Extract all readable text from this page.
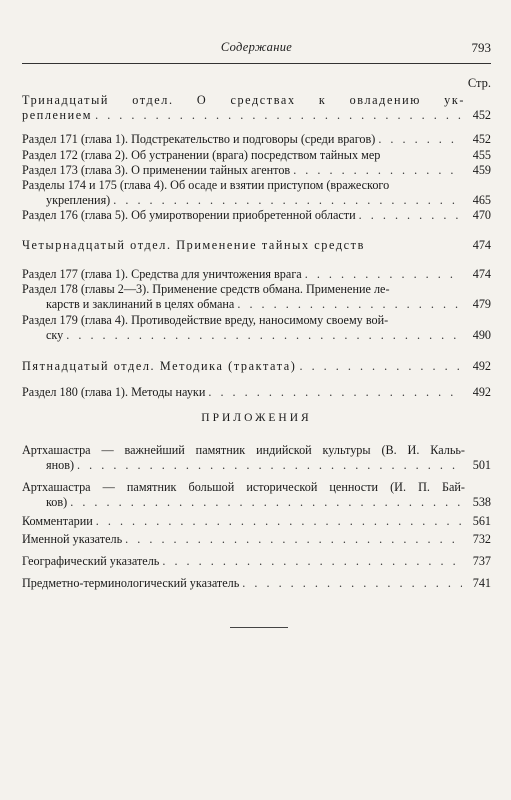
Содержание	793
Стр.
Тринадцатый отдел. О средствах к овладению ук-
реплением . . .	452
Раздел 171 (глава 1). Подстрекательство и подговоры (среди врагов) . . .	452
Раздел 172 (глава 2). Об устранении (врага) посредством тайных мер	455
Раздел 173 (глава 3). О применении тайных агентов . . .	459
Разделы 174 и 175 (глава 4). Об осаде и взятии приступом (вражеского
укрепления) . . .	465
Раздел 176 (глава 5). Об умиротворении приобретенной области . . .	470
Четырнадцатый отдел. Применение тайных средств	474
Раздел 177 (глава 1). Средства для уничтожения врага . . .	474
Раздел 178 (главы 2—3). Применение средств обмана. Применение ле-
карств и заклинаний в целях обмана . . .	479
Раздел 179 (глава 4). Противодействие вреду, наносимому своему вой-
ску . . .	490
Пятнадцатый отдел. Методика (трактата) . . .	492
Раздел 180 (глава 1). Методы науки . . .	492
ПРИЛОЖЕНИЯ
Артхашастра — важнейший памятник индийской культуры (В. И. Кальь-
янов) . . .	501
Артхашастра — памятник большой исторической ценности (И. П. Бай-
ков) . . .	538
Комментарии . . .	561
Именной указатель . . .	732
Географический указатель . . .	737
Предметно-терминологический указатель . . .	741
